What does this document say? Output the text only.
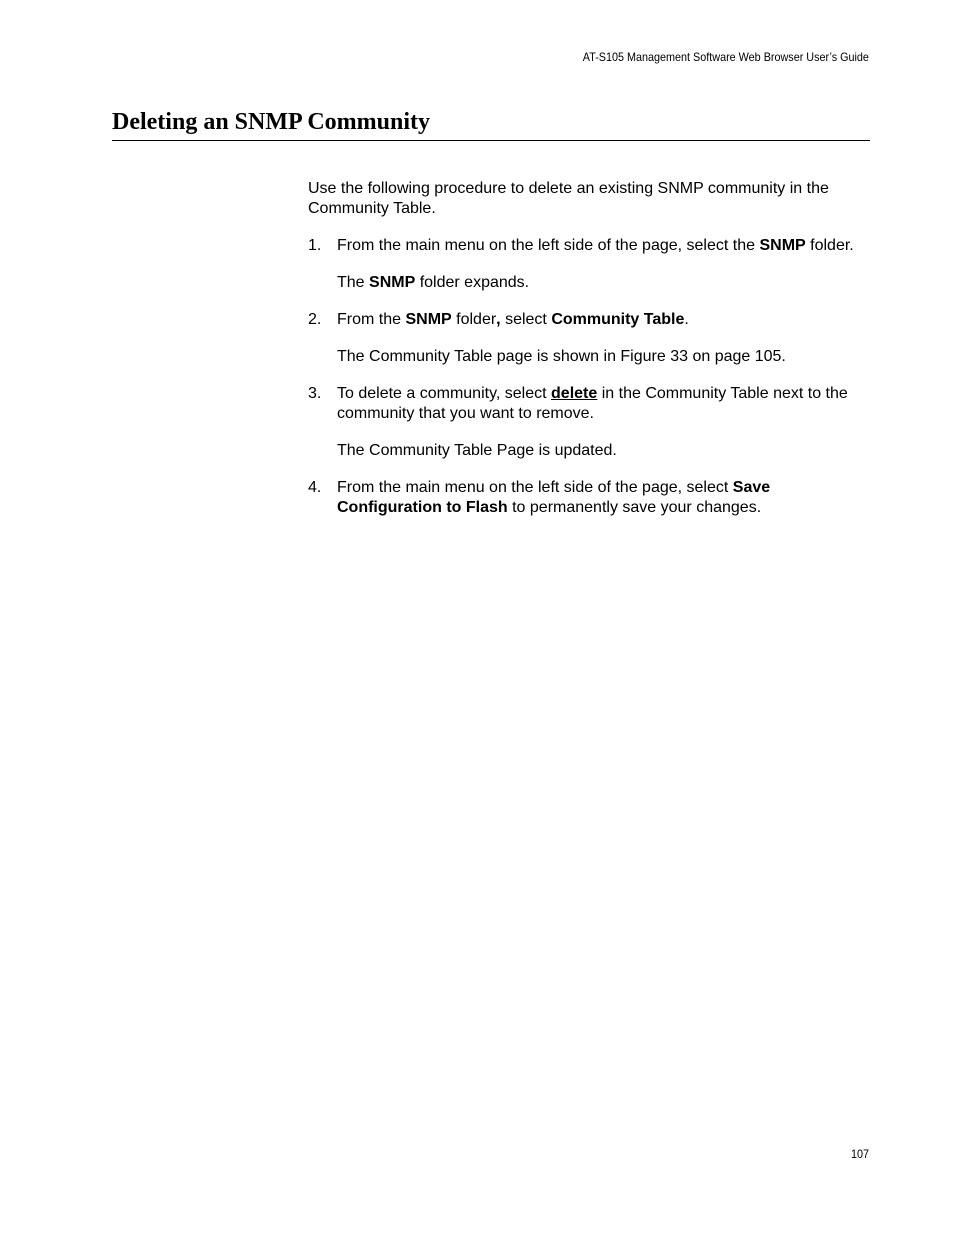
AT-S105 Management Software Web Browser User’s Guide
Deleting an SNMP Community

Use the following procedure to delete an existing SNMP community in the Community Table.

1. From the main menu on the left side of the page, select the SNMP folder.

The SNMP folder expands.

2. From the SNMP folder, select Community Table.

The Community Table page is shown in Figure 33 on page 105.

3. To delete a community, select delete in the Community Table next to the community that you want to remove.

The Community Table Page is updated.

4. From the main menu on the left side of the page, select Save Configuration to Flash to permanently save your changes.
107
